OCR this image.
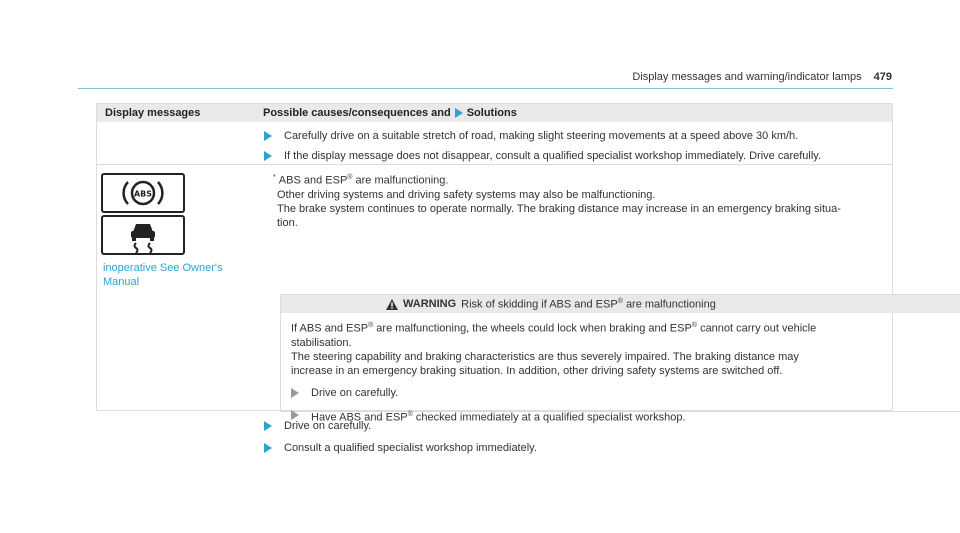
Display messages and warning/indicator lamps 479
Display messages	Possible causes/consequences and Solutions
Carefully drive on a suitable stretch of road, making slight steering movements at a speed above 30 km/h.
If the display message does not disappear, consult a qualified specialist workshop immediately. Drive carefully.
ABS
inoperative See Owner's
Manual

* ABS and ESP® are malfunctioning.

Other driving systems and driving safety systems may also be malfunctioning.

The brake system continues to operate normally. The braking distance may increase in an emergency braking situa-

tion.

WARNING Risk of skidding if ABS and ESP® are malfunctioning

If ABS and ESP® are malfunctioning, the wheels could lock when braking and ESP® cannot carry out vehicle

stabilisation.

The steering capability and braking characteristics are thus severely impaired. The braking distance may

increase in an emergency braking situation. In addition, other driving safety systems are switched off.

Drive on carefully.
Have ABS and ESP® checked immediately at a qualified specialist workshop.
Drive on carefully.
Consult a qualified specialist workshop immediately.
